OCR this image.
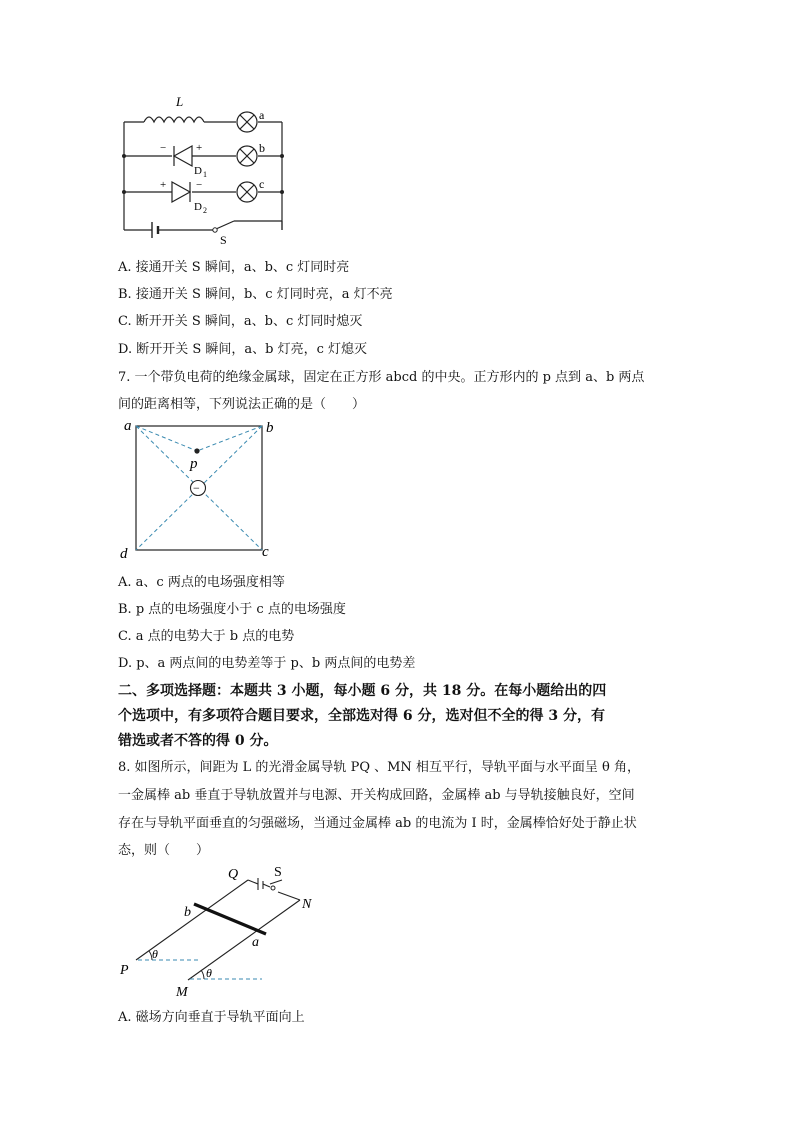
L
a
b
c
−	+
D 1
+	−
D 2
S
A. 接通开关 S 瞬间，a、b、c 灯同时亮
B. 接通开关 S 瞬间，b、c 灯同时亮，a 灯不亮
C. 断开开关 S 瞬间，a、b、c 灯同时熄灭
D. 断开开关 S 瞬间，a、b 灯亮，c 灯熄灭
7. 一个带负电荷的绝缘金属球，固定在正方形 abcd 的中央。正方形内的 p 点到 a、b 两点
间的距离相等，下列说法正确的是（　　）
−
a	b
c
d
p
A. a、c 两点的电场强度相等
B. p 点的电场强度小于 c 点的电场强度
C. a 点的电势大于 b 点的电势
D. p、a 两点间的电势差等于 p、b 两点间的电势差
二、多项选择题：本题共 3 小题，每小题 6 分，共 18 分。在每小题给出的四
个选项中，有多项符合题目要求，全部选对得 6 分，选对但不全的得 3 分，有
错选或者不答的得 0 分。
8. 如图所示，间距为 L 的光滑金属导轨 PQ 、MN 相互平行，导轨平面与水平面呈 θ 角，
一金属棒 ab 垂直于导轨放置并与电源、开关构成回路，金属棒 ab 与导轨接触良好，空间
存在与导轨平面垂直的匀强磁场，当通过金属棒 ab 的电流为 I 时，金属棒恰好处于静止状
态，则（　　）
Q	S
N
b
a
P
M
θ
θ
A. 磁场方向垂直于导轨平面向上
